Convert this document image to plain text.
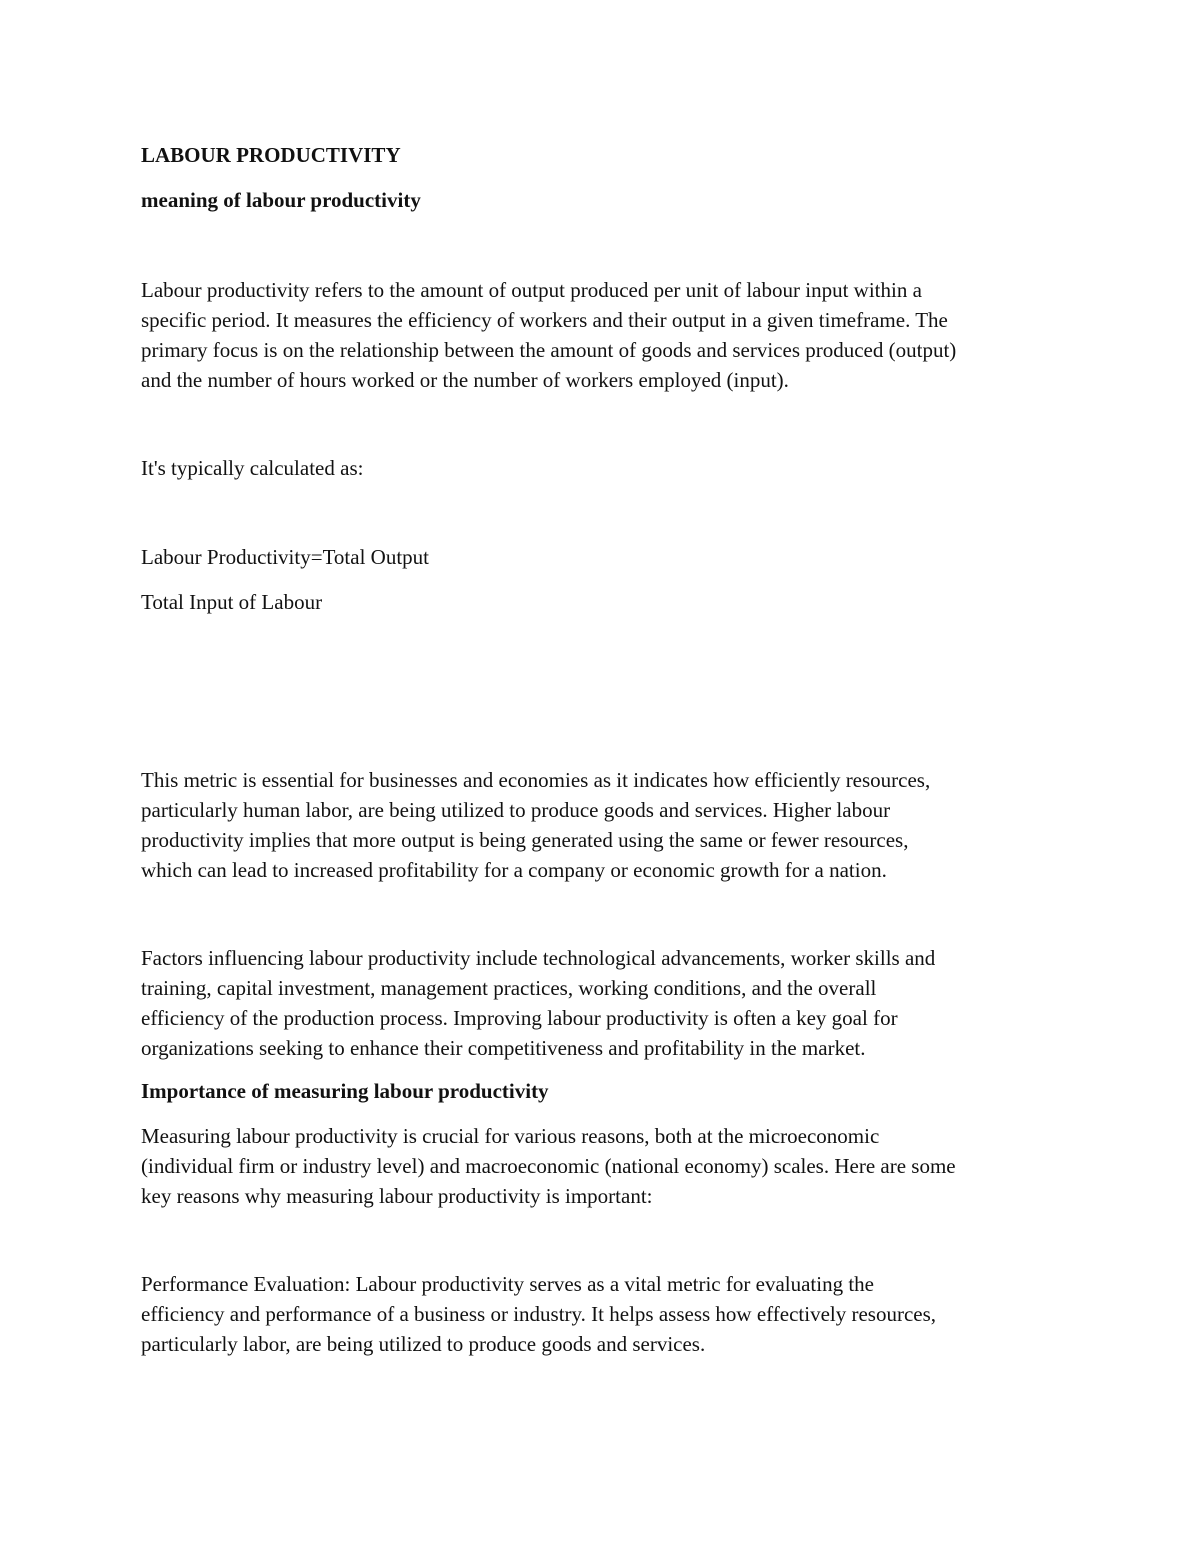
LABOUR PRODUCTIVITY
meaning of labour productivity
Labour productivity refers to the amount of output produced per unit of labour input within a
specific period. It measures the efficiency of workers and their output in a given timeframe. The
primary focus is on the relationship between the amount of goods and services produced (output)
and the number of hours worked or the number of workers employed (input).
It's typically calculated as:
Labour Productivity=Total Output
Total Input of Labour
This metric is essential for businesses and economies as it indicates how efficiently resources,
particularly human labor, are being utilized to produce goods and services. Higher labour
productivity implies that more output is being generated using the same or fewer resources,
which can lead to increased profitability for a company or economic growth for a nation.
Factors influencing labour productivity include technological advancements, worker skills and
training, capital investment, management practices, working conditions, and the overall
efficiency of the production process. Improving labour productivity is often a key goal for
organizations seeking to enhance their competitiveness and profitability in the market.
Importance of measuring labour productivity
Measuring labour productivity is crucial for various reasons, both at the microeconomic
(individual firm or industry level) and macroeconomic (national economy) scales. Here are some
key reasons why measuring labour productivity is important:
Performance Evaluation: Labour productivity serves as a vital metric for evaluating the
efficiency and performance of a business or industry. It helps assess how effectively resources,
particularly labor, are being utilized to produce goods and services.
